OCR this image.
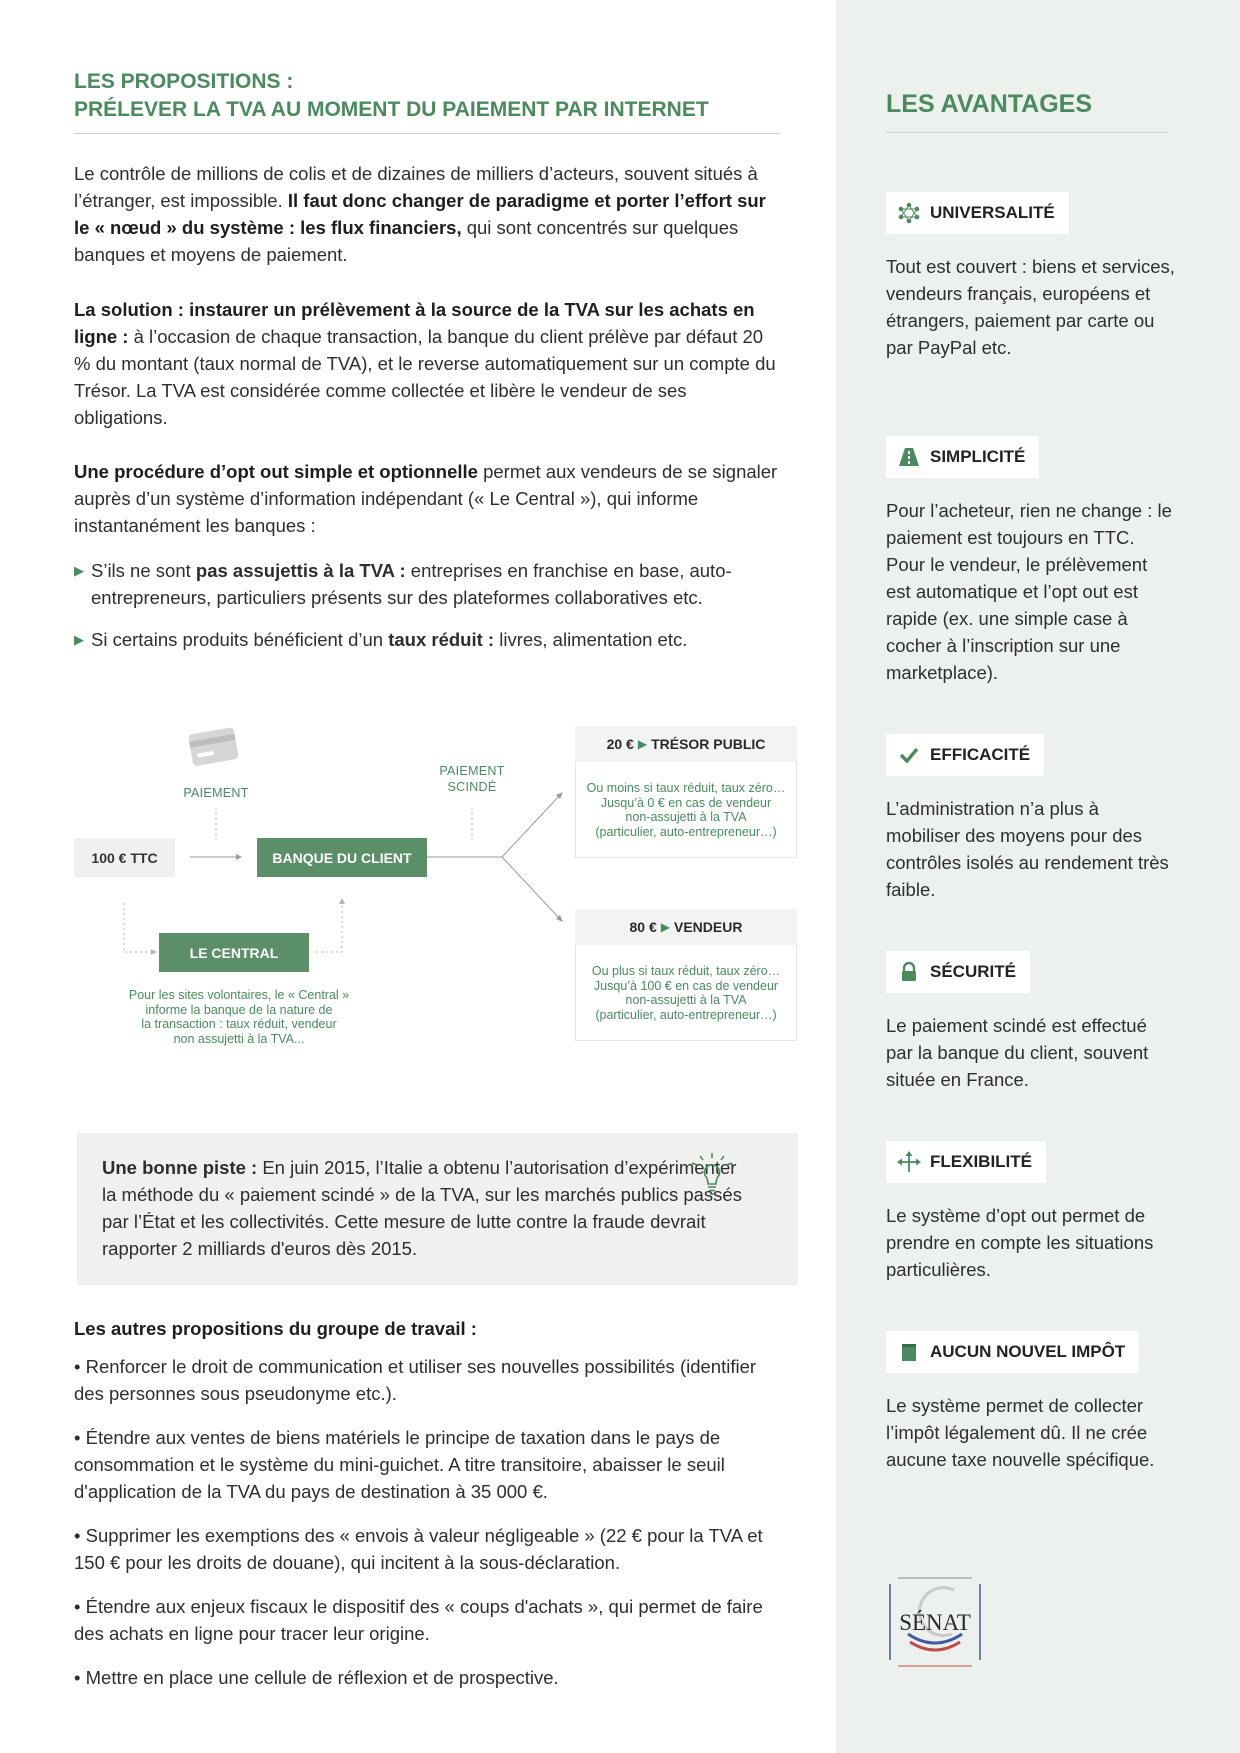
LES PROPOSITIONS :
PRÉLEVER LA TVA AU MOMENT DU PAIEMENT PAR INTERNET
Le contrôle de millions de colis et de dizaines de milliers d’acteurs, souvent situés à l’étranger, est impossible. Il faut donc changer de paradigme et porter l’effort sur le « nœud » du système : les flux financiers, qui sont concentrés sur quelques banques et moyens de paiement.
La solution : instaurer un prélèvement à la source de la TVA sur les achats en ligne : à l’occasion de chaque transaction, la banque du client prélève par défaut 20 % du montant (taux normal de TVA), et le reverse automatiquement sur un compte du Trésor. La TVA est considérée comme collectée et libère le vendeur de ses obligations.
Une procédure d’opt out simple et optionnelle permet aux vendeurs de se signaler auprès d’un système d’information indépendant (« Le Central »), qui informe instantanément les banques :
▶ S’ils ne sont pas assujettis à la TVA : entreprises en franchise en base, auto-entrepreneurs, particuliers présents sur des plateformes collaboratives etc.
▶ Si certains produits bénéficient d’un taux réduit : livres, alimentation etc.
PAIEMENT
PAIEMENT
SCINDÉ
100 € TTC	BANQUE DU CLIENT
LE CENTRAL
Pour les sites volontaires, le « Central »
informe la banque de la nature de
la transaction : taux réduit, vendeur
non assujetti à la TVA...
20 € ▶ TRÉSOR PUBLIC
Ou moins si taux réduit, taux zéro…
Jusqu’à 0 € en cas de vendeur
non-assujetti à la TVA
(particulier, auto-entrepreneur…)
80 € ▶ VENDEUR
Ou plus si taux réduit, taux zéro…
Jusqu’à 100 € en cas de vendeur
non-assujetti à la TVA
(particulier, auto-entrepreneur…)
Une bonne piste : En juin 2015, l’Italie a obtenu l’autorisation d’expérimenter la méthode du « paiement scindé » de la TVA, sur les marchés publics passés par l’État et les collectivités. Cette mesure de lutte contre la fraude devrait rapporter 2 milliards d'euros dès 2015.
Les autres propositions du groupe de travail :
• Renforcer le droit de communication et utiliser ses nouvelles possibilités (identifier des personnes sous pseudonyme etc.).
• Étendre aux ventes de biens matériels le principe de taxation dans le pays de consommation et le système du mini-guichet. A titre transitoire, abaisser le seuil d'application de la TVA du pays de destination à 35 000 €.
• Supprimer les exemptions des « envois à valeur négligeable » (22 € pour la TVA et 150 € pour les droits de douane), qui incitent à la sous-déclaration.
• Étendre aux enjeux fiscaux le dispositif des « coups d'achats », qui permet de faire des achats en ligne pour tracer leur origine.
• Mettre en place une cellule de réflexion et de prospective.
LES AVANTAGES
UNIVERSALITÉ
Tout est couvert : biens et services, vendeurs français, européens et étrangers, paiement par carte ou par PayPal etc.
SIMPLICITÉ
Pour l’acheteur, rien ne change : le paiement est toujours en TTC. Pour le vendeur, le prélèvement est automatique et l’opt out est rapide (ex. une simple case à cocher à l’inscription sur une marketplace).
EFFICACITÉ
L’administration n’a plus à mobiliser des moyens pour des contrôles isolés au rendement très faible.
SÉCURITÉ
Le paiement scindé est effectué par la banque du client, souvent située en France.
FLEXIBILITÉ
Le système d’opt out permet de prendre en compte les situations particulières.
AUCUN NOUVEL IMPÔT
Le système permet de collecter l’impôt légalement dû. Il ne crée aucune taxe nouvelle spécifique.
SÉNAT
